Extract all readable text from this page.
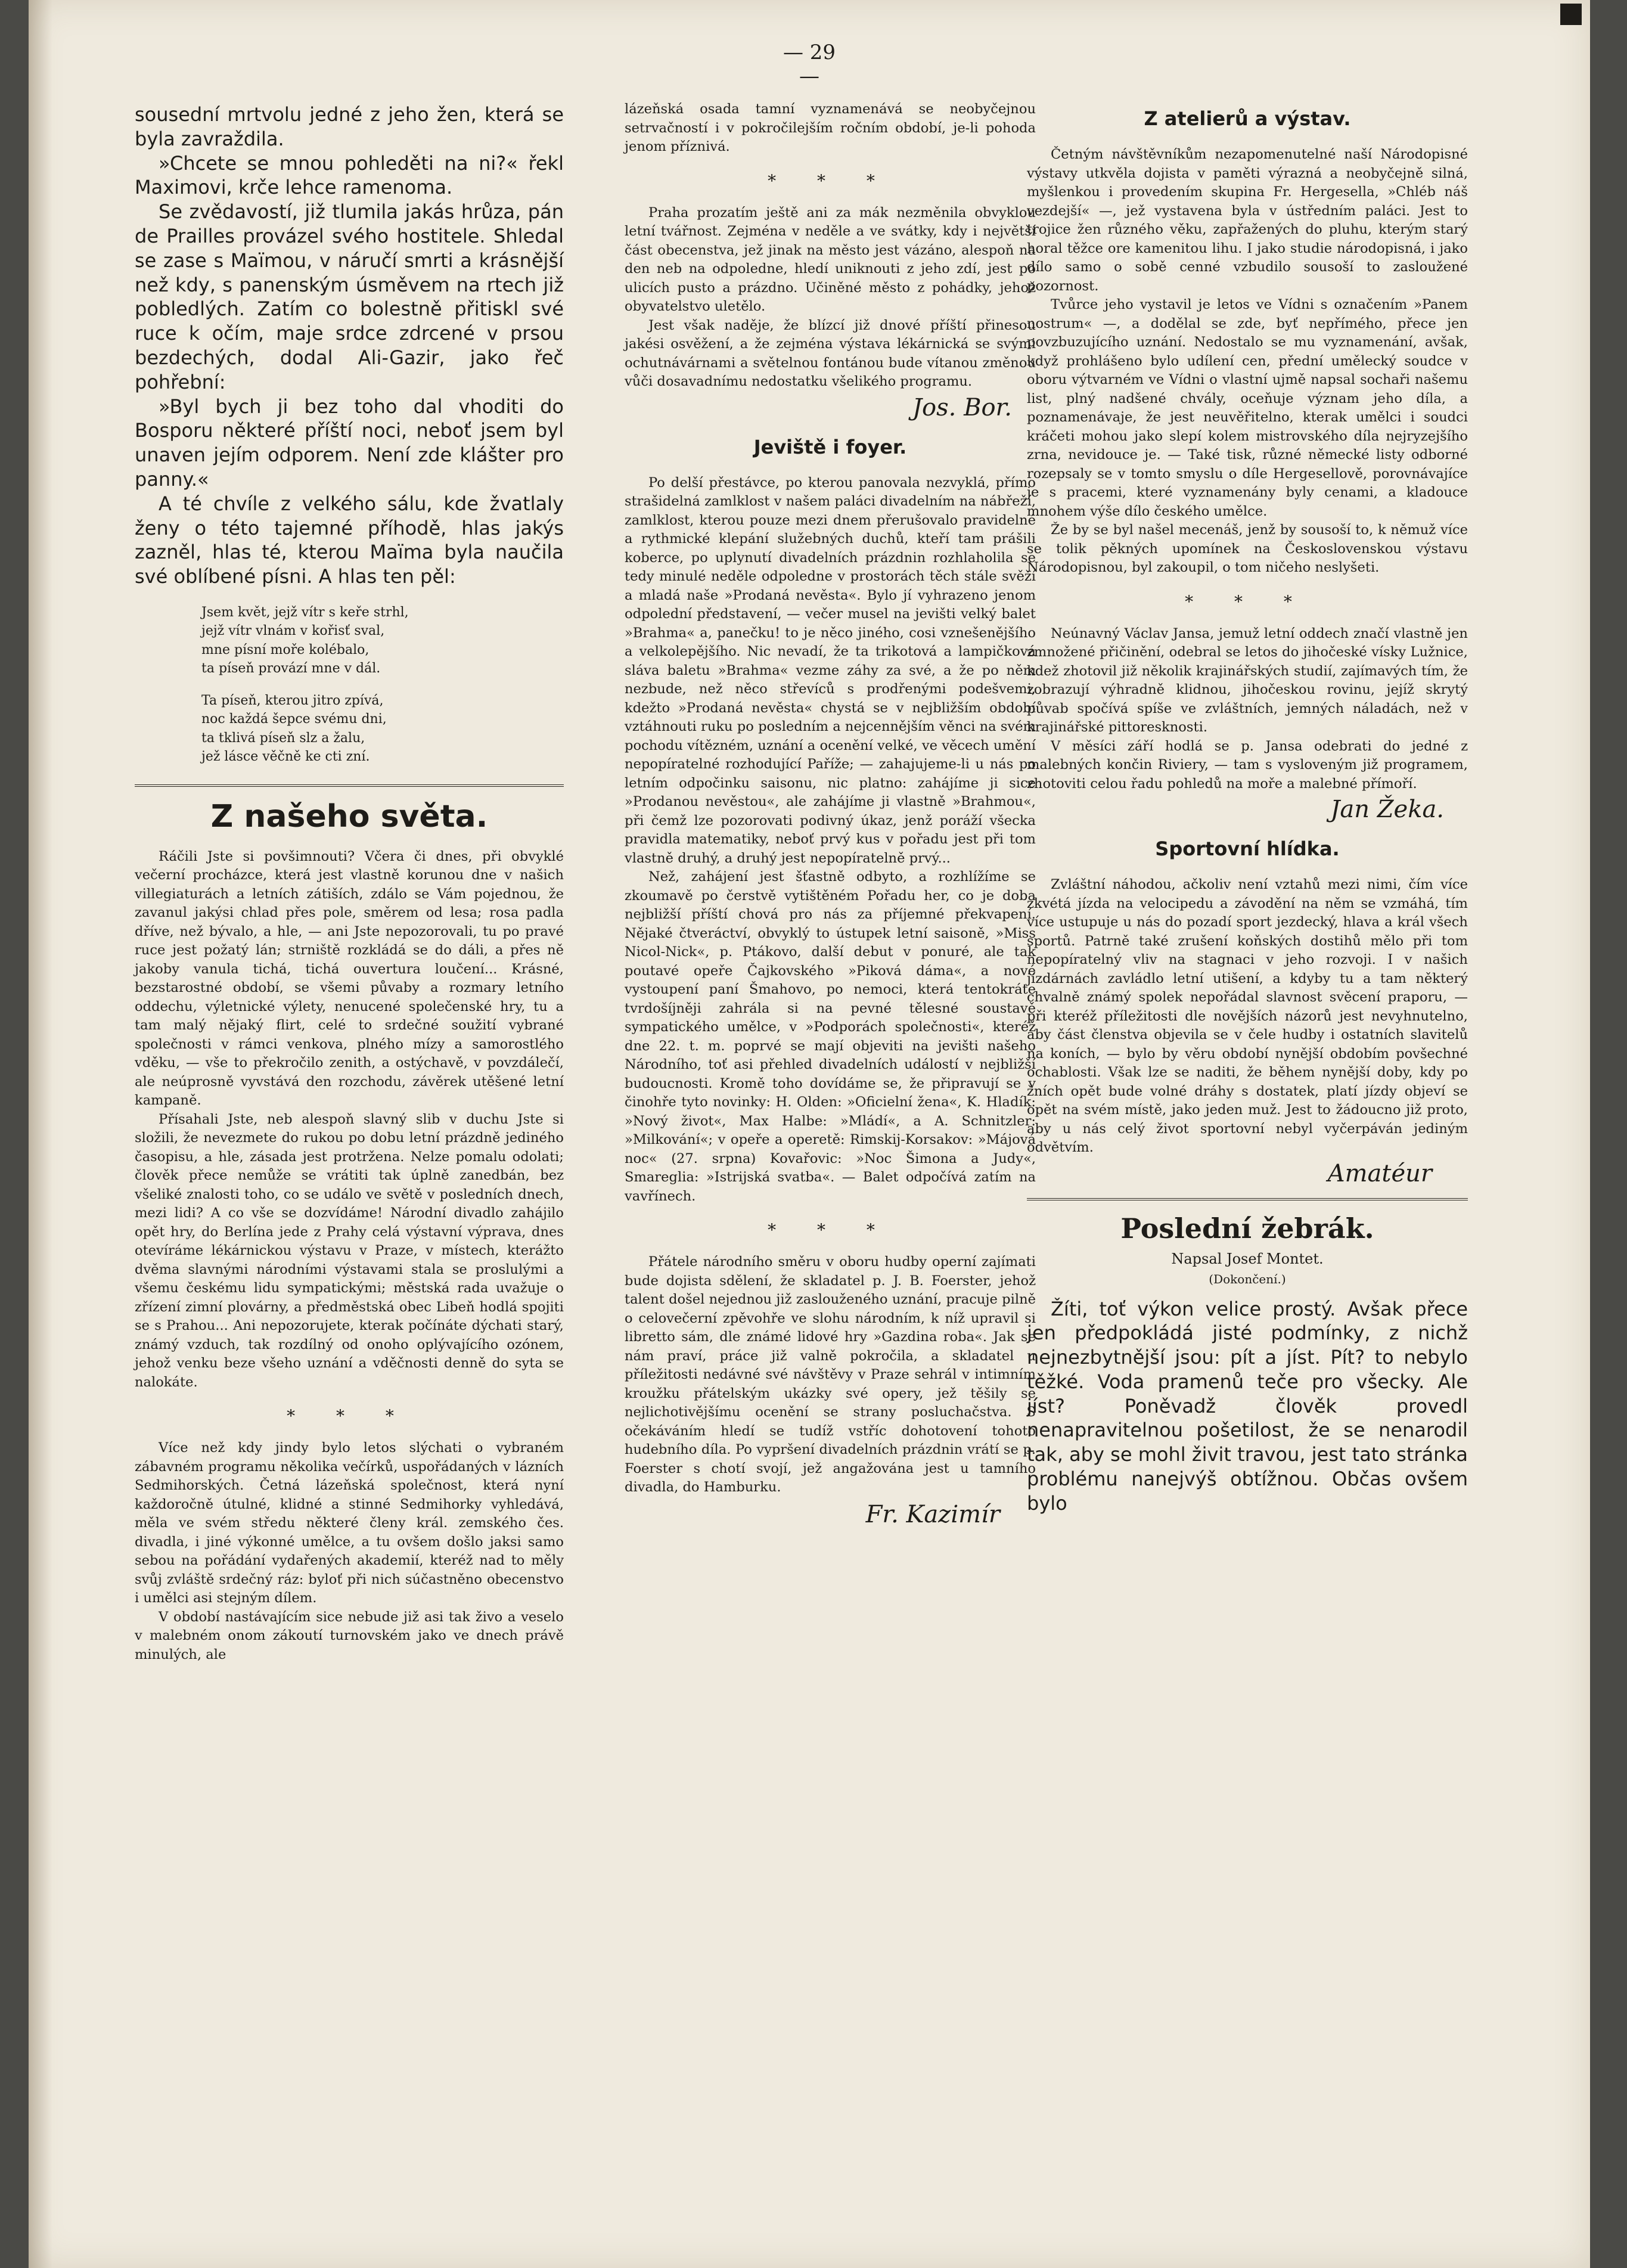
— 29 —

sousední mrtvolu jedné z jeho žen, která se byla zavraždila.

»Chcete se mnou pohleděti na ni?« řekl Maximovi, krče lehce ramenoma.

Se zvědavostí, již tlumila jakás hrůza, pán de Prailles provázel svého hostitele. Shledal se zase s Maïmou, v náručí smrti a krásnější než kdy, s panenským úsměvem na rtech již pobledlých. Zatím co bolestně přitiskl své ruce k očím, maje srdce zdrcené v prsou bezdechých, dodal Ali-Gazir, jako řeč pohřební:

»Byl bych ji bez toho dal vhoditi do Bosporu některé příští noci, neboť jsem byl unaven jejím odporem. Není zde klášter pro panny.«

A té chvíle z velkého sálu, kde žvatlaly ženy o této tajemné příhodě, hlas jakýs zazněl, hlas té, kterou Maïma byla naučila své oblíbené písni. A hlas ten pěl:

Jsem květ, jejž vítr s keře strhl,
jejž vítr vlnám v kořisť sval,
mne písní moře kolébalo,
ta píseň provází mne v dál.
Ta píseň, kterou jitro zpívá,
noc každá šepce svému dni,
ta tklivá píseň slz a žalu,
jež lásce věčně ke cti zní.
Z našeho světa.

Ráčili Jste si povšimnouti? Včera či dnes, při obvyklé večerní procházce, která jest vlastně korunou dne v našich villegiaturách a letních zátiších, zdálo se Vám pojednou, že zavanul jakýsi chlad přes pole, směrem od lesa; rosa padla dříve, než bývalo, a hle, — ani Jste nepozorovali, tu po pravé ruce jest požatý lán; strniště rozkládá se do dáli, a přes ně jakoby vanula tichá, tichá ouvertura loučení... Krásné, bezstarostné období, se všemi půvaby a rozmary letního oddechu, výletnické výlety, nenucené společenské hry, tu a tam malý nějaký flirt, celé to srdečné soužití vybrané společnosti v rámci venkova, plného mízy a samorostlého vděku, — vše to překročilo zenith, a ostýchavě, v povzdálečí, ale neúprosně vyvstává den rozchodu, závěrek utěšené letní kampaně.

Přísahali Jste, neb alespoň slavný slib v duchu Jste si složili, že nevezmete do rukou po dobu letní prázdně jediného časopisu, a hle, zásada jest protržena. Nelze pomalu odolati; člověk přece nemůže se vrátiti tak úplně zanedbán, bez všeliké znalosti toho, co se událo ve světě v posledních dnech, mezi lidi? A co vše se dozvídáme! Národní divadlo zahájilo opět hry, do Berlína jede z Prahy celá výstavní výprava, dnes otevíráme lékárnickou výstavu v Praze, v místech, kterážto dvěma slavnými národními výstavami stala se proslulými a všemu českému lidu sympatickými; městská rada uvažuje o zřízení zimní plovárny, a předměstská obec Libeň hodlá spojiti se s Prahou... Ani nepozorujete, kterak počínáte dýchati starý, známý vzduch, tak rozdílný od onoho oplývajícího ozónem, jehož venku beze všeho uznání a vděčnosti denně do syta se nalokáte.

* * *

Více než kdy jindy bylo letos slýchati o vybraném zábavném programu několika večírků, uspořádaných v lázních Sedmihorských. Četná lázeňská společnost, která nyní každoročně útulné, klidné a stinné Sedmihorky vyhledává, měla ve svém středu některé členy král. zemského čes. divadla, i jiné výkonné umělce, a tu ovšem došlo jaksi samo sebou na pořádání vydařených akademií, kteréž nad to měly svůj zvláště srdečný ráz: byloť při nich súčastněno obecenstvo i umělci asi stejným dílem.

V období nastávajícím sice nebude již asi tak živo a veselo v malebném onom zákoutí turnovském jako ve dnech právě minulých, ale

lázeňská osada tamní vyznamenává se neobyčejnou setrvačností i v pokročilejším ročním období, je-li pohoda jenom příznivá.

* * *

Praha prozatím ještě ani za mák nezměnila obvyklou letní tvářnost. Zejména v neděle a ve svátky, kdy i největší část obecenstva, jež jinak na město jest vázáno, alespoň na den neb na odpoledne, hledí uniknouti z jeho zdí, jest po ulicích pusto a prázdno. Učiněné město z pohádky, jehož obyvatelstvo uletělo.

Jest však naděje, že blízcí již dnové příští přinesou jakési osvěžení, a že zejména výstava lékárnická se svými ochutnávárnami a světelnou fontánou bude vítanou změnou vůči dosavadnímu nedostatku všelikého programu.

Jos. Bor.
Jeviště i foyer.

Po delší přestávce, po kterou panovala nezvyklá, přímo strašidelná zamlklost v našem paláci divadelním na nábřeží, zamlklost, kterou pouze mezi dnem přerušovalo pravidelné a rythmické klepání služebných duchů, kteří tam prášili koberce, po uplynutí divadelních prázdnin rozhlaholila se tedy minulé neděle odpoledne v prostorách těch stále svěží a mladá naše »Prodaná nevěsta«. Bylo jí vyhrazeno jenom odpolední představení, — večer musel na jevišti velký balet »Brahma« a, panečku! to je něco jiného, cosi vznešenějšího a velkolepějšího. Nic nevadí, že ta trikotová a lampičková sláva baletu »Brahma« vezme záhy za své, a že po něm nezbude, než něco střevíců s prodřenými podešvemi, kdežto »Prodaná nevěsta« chystá se v nejbližším období vztáhnouti ruku po posledním a nejcennějším věnci na svém pochodu vítězném, uznání a ocenění velké, ve věcech umění nepopíratelné rozhodující Paříže; — zahajujeme-li u nás po letním odpočinku saisonu, nic platno: zahájíme ji sice »Prodanou nevěstou«, ale zahájíme ji vlastně »Brahmou«, při čemž lze pozorovati podivný úkaz, jenž poráží všecka pravidla matematiky, neboť prvý kus v pořadu jest při tom vlastně druhý, a druhý jest nepopíratelně prvý...

Než, zahájení jest šťastně odbyto, a rozhlížíme se zkoumavě po čerstvě vytištěném Pořadu her, co je doba nejbližší příští chová pro nás za příjemné překvapení. Nějaké čtveráctví, obvyklý to ústupek letní saisoně, »Miss Nicol-Nick«, p. Ptákovo, další debut v ponuré, ale tak poutavé opeře Čajkovského »Piková dáma«, a nové vystoupení paní Šmahovo, po nemoci, která tentokráte tvrdošíjněji zahrála si na pevné tělesné soustavě sympatického umělce, v »Podporách společnosti«, kteréž dne 22. t. m. poprvé se mají objeviti na jevišti našeho Národního, toť asi přehled divadelních událostí v nejbližší budoucnosti. Kromě toho dovídáme se, že připravují se v činohře tyto novinky: H. Olden: »Oficielní žena«, K. Hladík: »Nový život«, Max Halbe: »Mládí«, a A. Schnitzler: »Milkování«; v opeře a operetě: Rimskij-Korsakov: »Májová noc« (27. srpna) Kovařovic: »Noc Šimona a Judy«, Smareglia: »Istrijská svatba«. — Balet odpočívá zatím na vavřínech.

* * *

Přátele národního směru v oboru hudby operní zajímati bude dojista sdělení, že skladatel p. J. B. Foerster, jehož talent došel nejednou již zaslouženého uznání, pracuje pilně o celovečerní zpěvohře ve slohu národním, k níž upravil si libretto sám, dle známé lidové hry »Gazdina roba«. Jak se nám praví, práce již valně pokročila, a skladatel u příležitosti nedávné své návštěvy v Praze sehrál v intimním kroužku přátelským ukázky své opery, jež těšily se nejlichotivějšímu ocenění se strany posluchačstva. S očekáváním hledí se tudíž vstříc dohotovení tohoto hudebního díla. Po vypršení divadelních prázdnin vrátí se p. Foerster s chotí svojí, jež angažována jest u tamního divadla, do Hamburku.

Fr. Kazimír
Z atelierů a výstav.

Četným návštěvníkům nezapomenutelné naší Národopisné výstavy utkvěla dojista v paměti výrazná a neobyčejně silná, myšlenkou i provedením skupina Fr. Hergesella, »Chléb náš vezdejší« —, jež vystavena byla v ústředním paláci. Jest to trojice žen různého věku, zapřažených do pluhu, kterým starý horal těžce ore kamenitou lihu. I jako studie národopisná, i jako dílo samo o sobě cenné vzbudilo sousoší to zasloužené pozornost.

Tvůrce jeho vystavil je letos ve Vídni s označením »Panem nostrum« —, a dodělal se zde, byť nepřímého, přece jen povzbuzujícího uznání. Nedostalo se mu vyznamenání, avšak, když prohlášeno bylo udílení cen, přední umělecký soudce v oboru výtvarném ve Vídni o vlastní ujmě napsal sochaři našemu list, plný nadšené chvály, oceňuje význam jeho díla, a poznamenávaje, že jest neuvěřitelno, kterak umělci i soudci kráčeti mohou jako slepí kolem mistrovského díla nejryzejšího zrna, nevidouce je. — Také tisk, různé německé listy odborné rozepsaly se v tomto smyslu o díle Hergesellově, porovnávajíce je s pracemi, které vyznamenány byly cenami, a kladouce mnohem výše dílo českého umělce.

Že by se byl našel mecenáš, jenž by sousoší to, k němuž více se tolik pěkných upomínek na Československou výstavu Národopisnou, byl zakoupil, o tom ničeho neslyšeti.

* * *

Neúnavný Václav Jansa, jemuž letní oddech značí vlastně jen zmnožené přičinění, odebral se letos do jihočeské vísky Lužnice, kdež zhotovil již několik krajinářských studií, zajímavých tím, že zobrazují výhradně klidnou, jihočeskou rovinu, jejíž skrytý půvab spočívá spíše ve zvláštních, jemných náladách, než v krajinářské pittoresknosti.

V měsíci září hodlá se p. Jansa odebrati do jedné z malebných končin Riviery, — tam s vysloveným již programem, zhotoviti celou řadu pohledů na moře a malebné přímoří.

Jan Žeka.
Sportovní hlídka.

Zvláštní náhodou, ačkoliv není vztahů mezi nimi, čím více zkvétá jízda na velocipedu a závodění na něm se vzmáhá, tím více ustupuje u nás do pozadí sport jezdecký, hlava a král všech sportů. Patrně také zrušení koňských dostihů mělo při tom nepopíratelný vliv na stagnaci v jeho rozvoji. I v našich jízdárnách zavládlo letní utišení, a kdyby tu a tam některý chvalně známý spolek nepořádal slavnost svěcení praporu, — při kteréž příležitosti dle novějších názorů jest nevyhnutelno, aby část členstva objevila se v čele hudby i ostatních slavitelů na koních, — bylo by věru období nynější obdobím povšechné ochablosti. Však lze se naditi, že během nynější doby, kdy po žních opět bude volné dráhy s dostatek, platí jízdy objeví se opět na svém místě, jako jeden muž. Jest to žádoucno již proto, aby u nás celý život sportovní nebyl vyčerpáván jediným odvětvím.

Amatéur
Poslední žebrák.
Napsal Josef Montet.
(Dokončení.)

Žíti, toť výkon velice prostý. Avšak přece jen předpokládá jisté podmínky, z nichž nejnezbytnější jsou: pít a jíst. Pít? to nebylo těžké. Voda pramenů teče pro všecky. Ale jíst? Poněvadž člověk provedl nenapravitelnou pošetilost, že se nenarodil tak, aby se mohl živit travou, jest tato stránka problému nanejvýš obtížnou. Občas ovšem bylo
